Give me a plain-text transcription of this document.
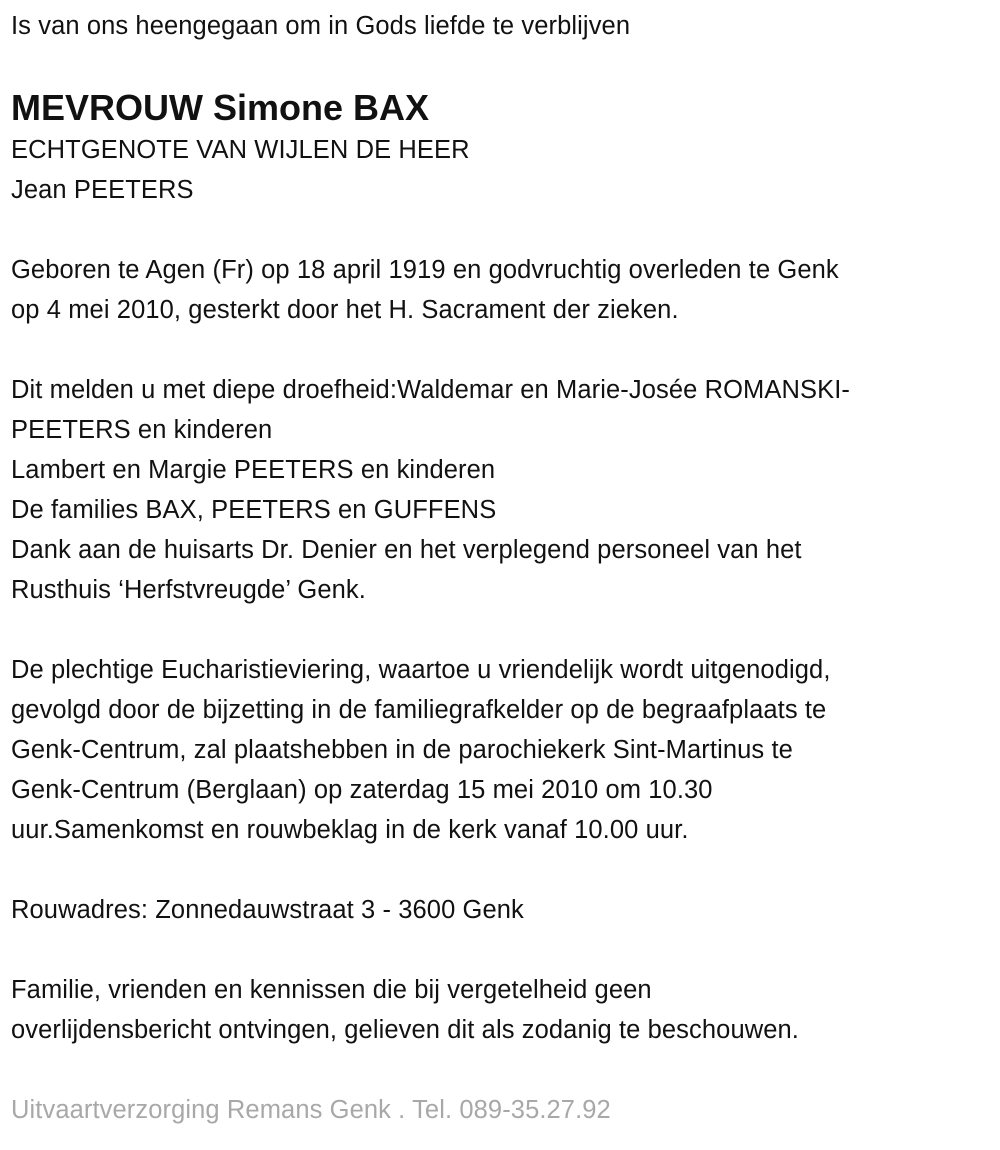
Is van ons heengegaan om in Gods liefde te verblijven

MEVROUW Simone BAX

ECHTGENOTE VAN WIJLEN DE HEER

Jean PEETERS

Geboren te Agen (Fr) op 18 april 1919 en godvruchtig overleden te Genk

op 4 mei 2010, gesterkt door het H. Sacrament der zieken.

Dit melden u met diepe droefheid:Waldemar en Marie-Josée ROMANSKI-

PEETERS en kinderen

Lambert en Margie PEETERS en kinderen

De families BAX, PEETERS en GUFFENS

Dank aan de huisarts Dr. Denier en het verplegend personeel van het

Rusthuis ‘Herfstvreugde’ Genk.

De plechtige Eucharistieviering, waartoe u vriendelijk wordt uitgenodigd,

gevolgd door de bijzetting in de familiegrafkelder op de begraafplaats te

Genk-Centrum, zal plaatshebben in de parochiekerk Sint-Martinus te

Genk-Centrum (Berglaan) op zaterdag 15 mei 2010 om 10.30

uur.Samenkomst en rouwbeklag in de kerk vanaf 10.00 uur.

Rouwadres: Zonnedauwstraat 3 - 3600 Genk

Familie, vrienden en kennissen die bij vergetelheid geen

overlijdensbericht ontvingen, gelieven dit als zodanig te beschouwen.

Uitvaartverzorging Remans Genk . Tel. 089-35.27.92
